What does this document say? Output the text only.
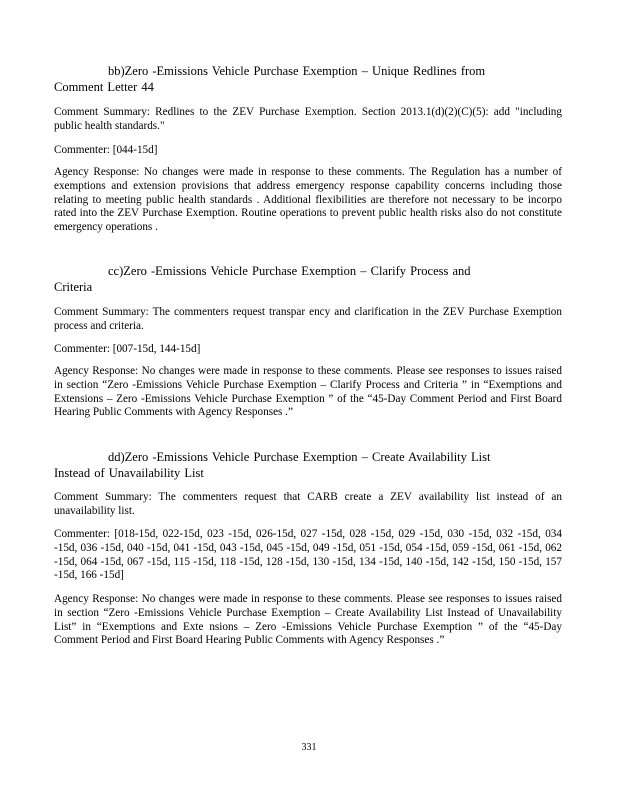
bb)Zero -Emissions Vehicle Purchase Exemption – Unique Redlines from
Comment Letter 44

Comment Summary: Redlines to the ZEV Purchase Exemption. Section 2013.1(d)(2)(C)(5): add "including public health standards."

Commenter: [044-15d]

Agency Response: No changes were made in response to these comments. The Regulation has a number of exemptions and extension provisions that address emergency response capability concerns including those relating to meeting public health standards . Additional flexibilities are therefore not necessary to be incorpo rated into the ZEV Purchase Exemption. Routine operations to prevent public health risks also do not constitute emergency operations .

cc)Zero -Emissions Vehicle Purchase Exemption – Clarify Process and
Criteria

Comment Summary: The commenters request transpar ency and clarification in the ZEV Purchase Exemption process and criteria.

Commenter: [007-15d, 144-15d]

Agency Response: No changes were made in response to these comments. Please see responses to issues raised in section “Zero -Emissions Vehicle Purchase Exemption – Clarify Process and Criteria ” in “Exemptions and Extensions – Zero -Emissions Vehicle Purchase Exemption ” of the “45-Day Comment Period and First Board Hearing Public Comments with Agency Responses .”

dd)Zero -Emissions Vehicle Purchase Exemption – Create Availability List
Instead of Unavailability List

Comment Summary: The commenters request that CARB create a ZEV availability list instead of an unavailability list.

Commenter: [018-15d, 022-15d, 023 -15d, 026-15d, 027 -15d, 028 -15d, 029 -15d, 030 -15d, 032 -15d, 034 -15d, 036 -15d, 040 -15d, 041 -15d, 043 -15d, 045 -15d, 049 -15d, 051 -15d, 054 -15d, 059 -15d, 061 -15d, 062 -15d, 064 -15d, 067 -15d, 115 -15d, 118 -15d, 128 -15d, 130 -15d, 134 -15d, 140 -15d, 142 -15d, 150 -15d, 157 -15d, 166 -15d]

Agency Response: No changes were made in response to these comments. Please see responses to issues raised in section “Zero -Emissions Vehicle Purchase Exemption – Create Availability List Instead of Unavailability List” in “Exemptions and Exte nsions – Zero -Emissions Vehicle Purchase Exemption ” of the “45-Day Comment Period and First Board Hearing Public Comments with Agency Responses .”

331
